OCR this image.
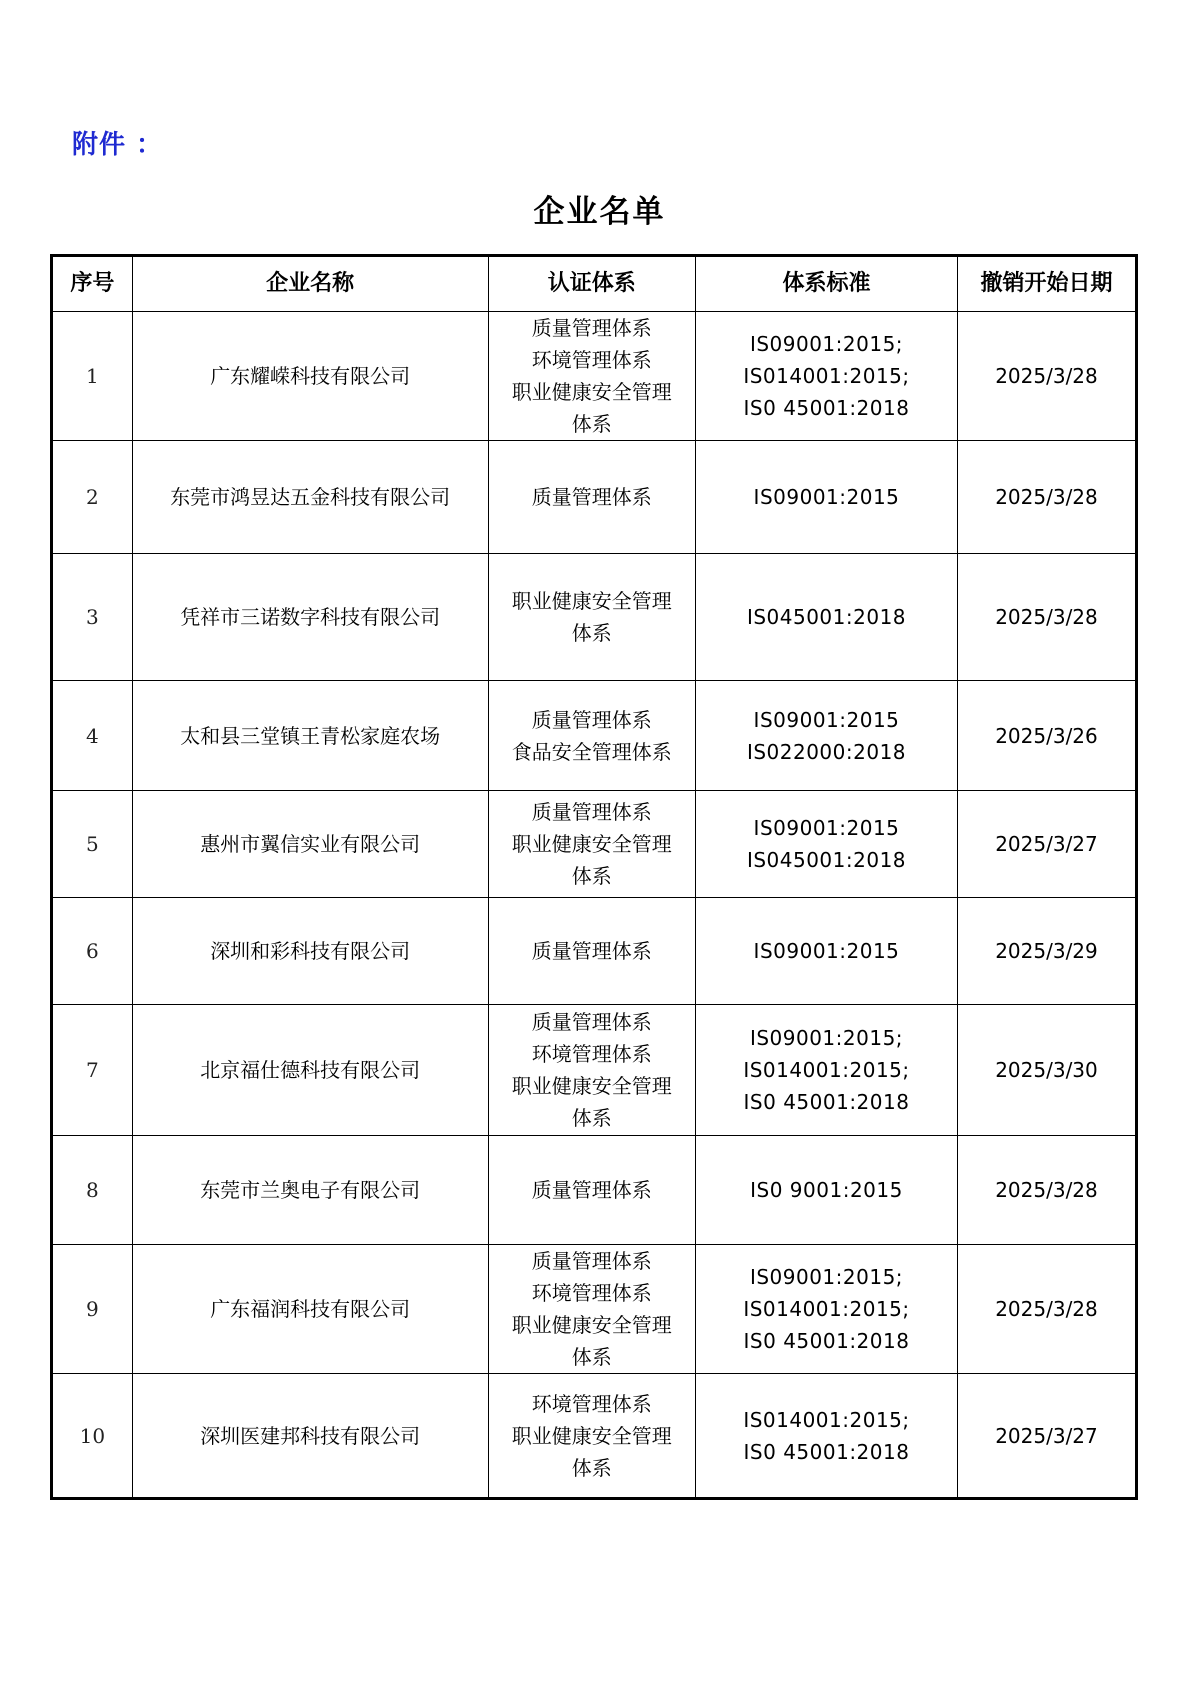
附件 ：
企业名单
序号	企业名称	认证体系	体系标准	撤销开始日期
1	广东耀嵘科技有限公司	质量管理体系
环境管理体系
职业健康安全管理
体系	IS09001:2015;
IS014001:2015;
IS0 45001:2018	2025/3/28
2	东莞市鸿昱达五金科技有限公司	质量管理体系	IS09001:2015	2025/3/28
3	凭祥市三诺数字科技有限公司	职业健康安全管理
体系	IS045001:2018	2025/3/28
4	太和县三堂镇王青松家庭农场	质量管理体系
食品安全管理体系	IS09001:2015
IS022000:2018	2025/3/26
5	惠州市翼信实业有限公司	质量管理体系
职业健康安全管理
体系	IS09001:2015
IS045001:2018	2025/3/27
6	深圳和彩科技有限公司	质量管理体系	IS09001:2015	2025/3/29
7	北京福仕德科技有限公司	质量管理体系
环境管理体系
职业健康安全管理
体系	IS09001:2015;
IS014001:2015;
IS0 45001:2018	2025/3/30
8	东莞市兰奥电子有限公司	质量管理体系	IS0 9001:2015	2025/3/28
9	广东福润科技有限公司	质量管理体系
环境管理体系
职业健康安全管理
体系	IS09001:2015;
IS014001:2015;
IS0 45001:2018	2025/3/28
10	深圳医建邦科技有限公司	环境管理体系
职业健康安全管理
体系	IS014001:2015;
IS0 45001:2018	2025/3/27
